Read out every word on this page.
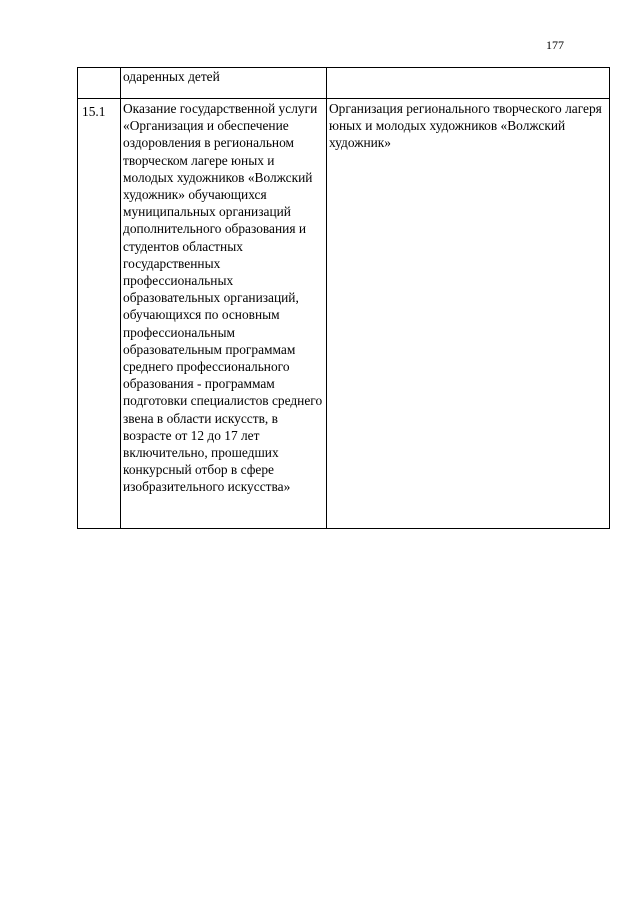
177

	одаренных детей	

15.1	Оказание государственной услуги «Организация и обеспечение оздоровления в региональном творческом лагере юных и молодых художников «Волжский художник» обучающихся муниципальных организаций дополнительного образования и студентов областных государственных профессиональных образовательных организаций, обучающихся по основным профессиональным образовательным программам среднего профессионального образования - программам подготовки специалистов среднего звена в области искусств, в возрасте от 12 до 17 лет включительно, прошедших конкурсный отбор в сфере изобразительного искусства»	Организация регионального творческого лагеря юных и молодых художников «Волжский художник»
